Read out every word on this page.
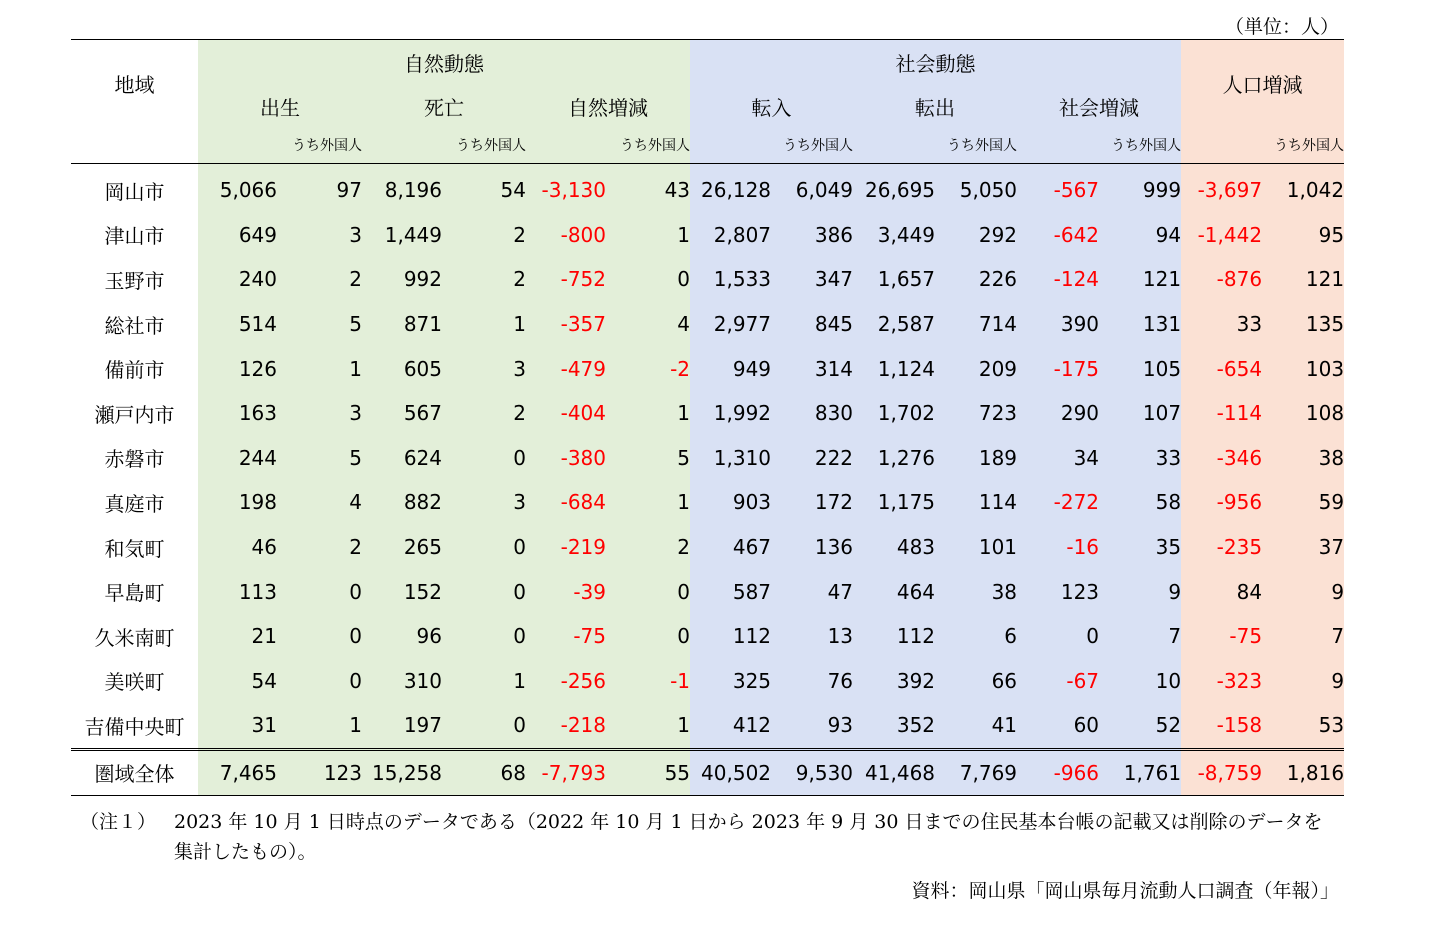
（単位：人）
地域	自然動態						社会動態						人口増減	
	出生		死亡		自然増減		転入		転出		社会増減			
		うち外国人		うち外国人		うち外国人		うち外国人		うち外国人		うち外国人		うち外国人
岡山市	5,066	97	8,196	54	-3,130	43	26,128	6,049	26,695	5,050	-567	999	-3,697	1,042
津山市	649	3	1,449	2	-800	1	2,807	386	3,449	292	-642	94	-1,442	95
玉野市	240	2	992	2	-752	0	1,533	347	1,657	226	-124	121	-876	121
総社市	514	5	871	1	-357	4	2,977	845	2,587	714	390	131	33	135
備前市	126	1	605	3	-479	-2	949	314	1,124	209	-175	105	-654	103
瀬戸内市	163	3	567	2	-404	1	1,992	830	1,702	723	290	107	-114	108
赤磐市	244	5	624	0	-380	5	1,310	222	1,276	189	34	33	-346	38
真庭市	198	4	882	3	-684	1	903	172	1,175	114	-272	58	-956	59
和気町	46	2	265	0	-219	2	467	136	483	101	-16	35	-235	37
早島町	113	0	152	0	-39	0	587	47	464	38	123	9	84	9
久米南町	21	0	96	0	-75	0	112	13	112	6	0	7	-75	7
美咲町	54	0	310	1	-256	-1	325	76	392	66	-67	10	-323	9
吉備中央町	31	1	197	0	-218	1	412	93	352	41	60	52	-158	53
圏域全体	7,465	123	15,258	68	-7,793	55	40,502	9,530	41,468	7,769	-966	1,761	-8,759	1,816
（注１） 2023 年 10 月 1 日時点のデータである（2022 年 10 月 1 日から 2023 年 9 月 30 日までの住民基本台帳の記載又は削除のデータを集計したもの）。
資料：岡山県「岡山県毎月流動人口調査（年報）」
